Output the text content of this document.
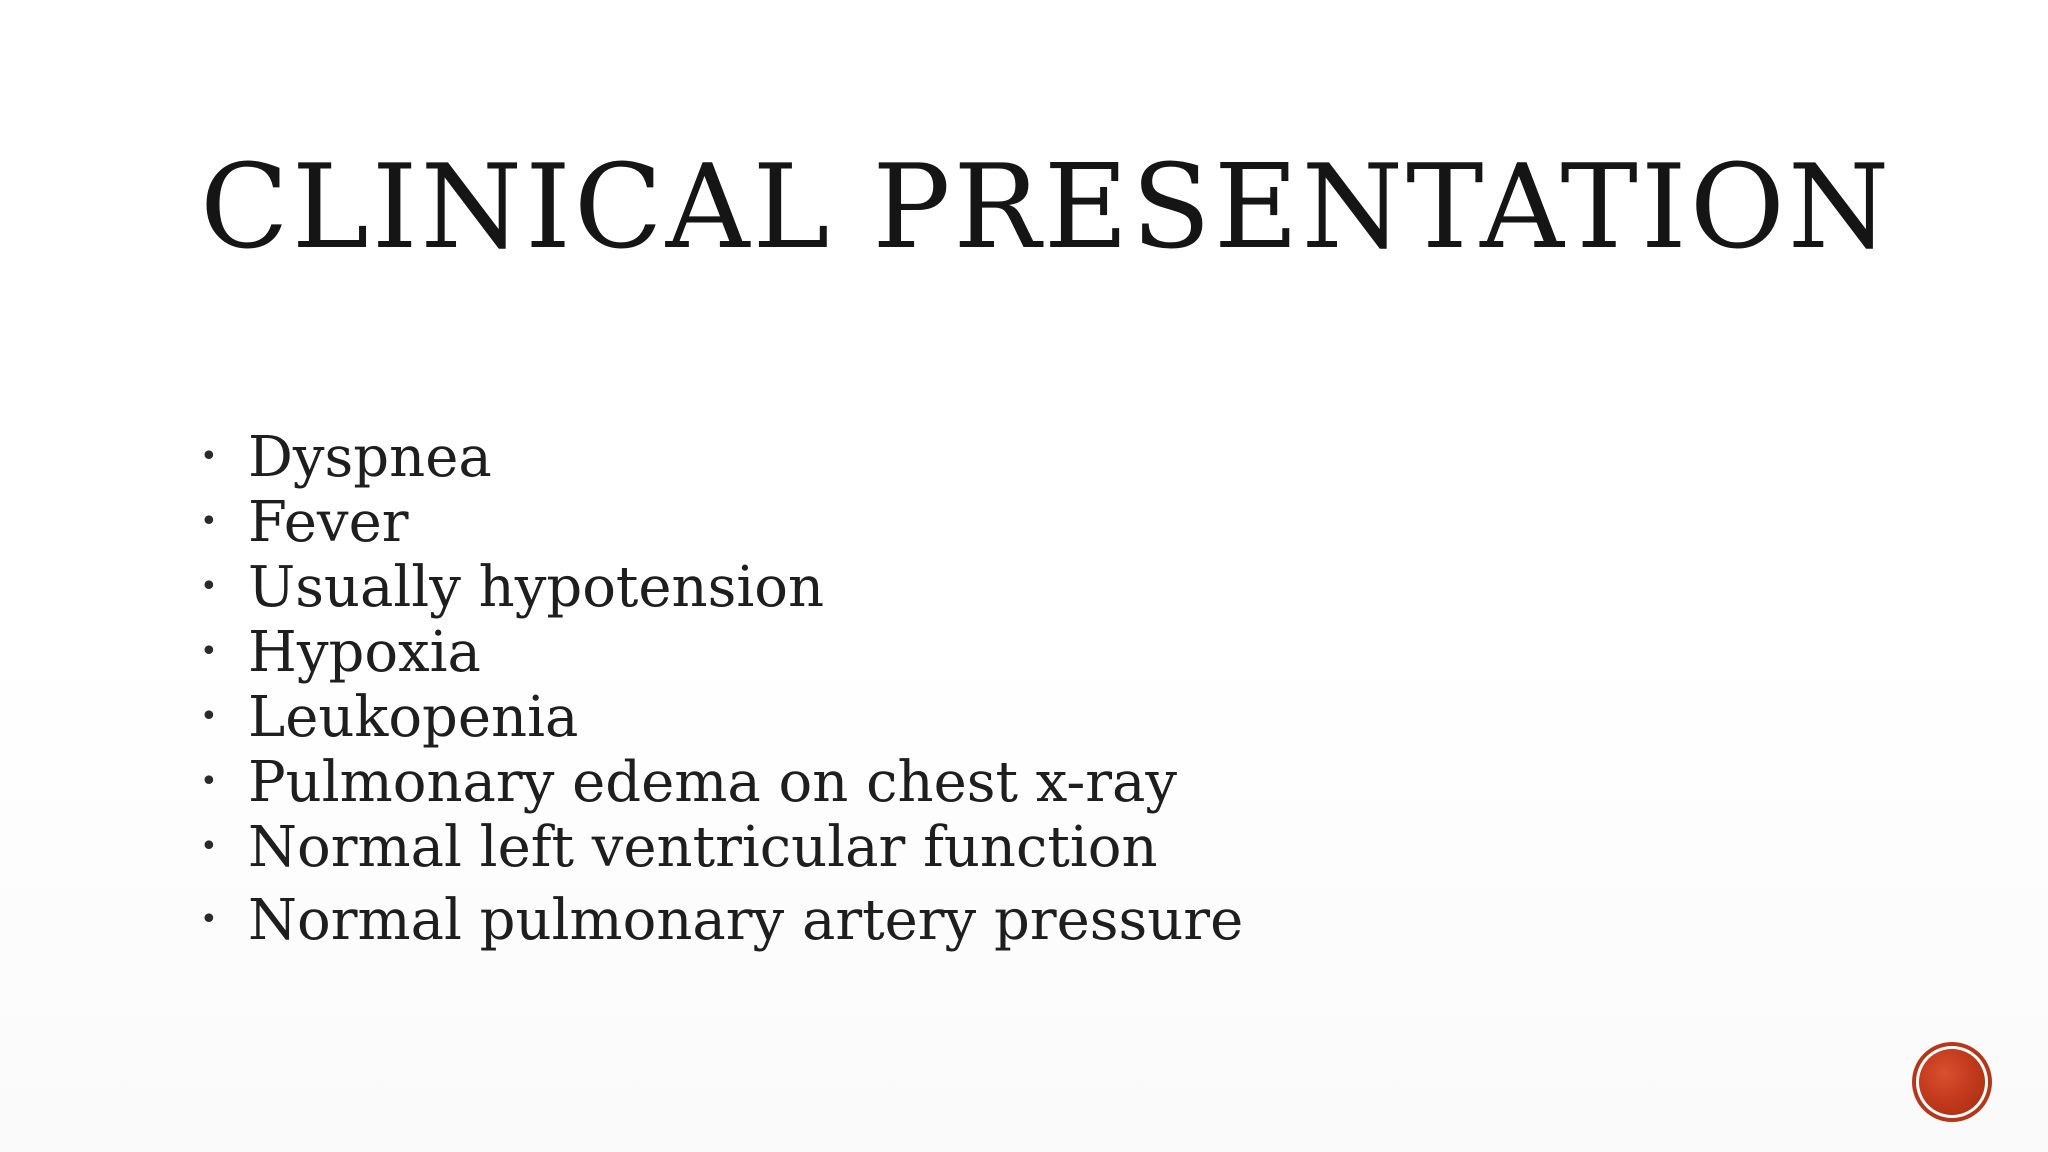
CLINICAL PRESENTATION
• Dyspnea
• Fever
• Usually hypotension
• Hypoxia
• Leukopenia
• Pulmonary edema on chest x-ray
• Normal left ventricular function
• Normal pulmonary artery pressure
